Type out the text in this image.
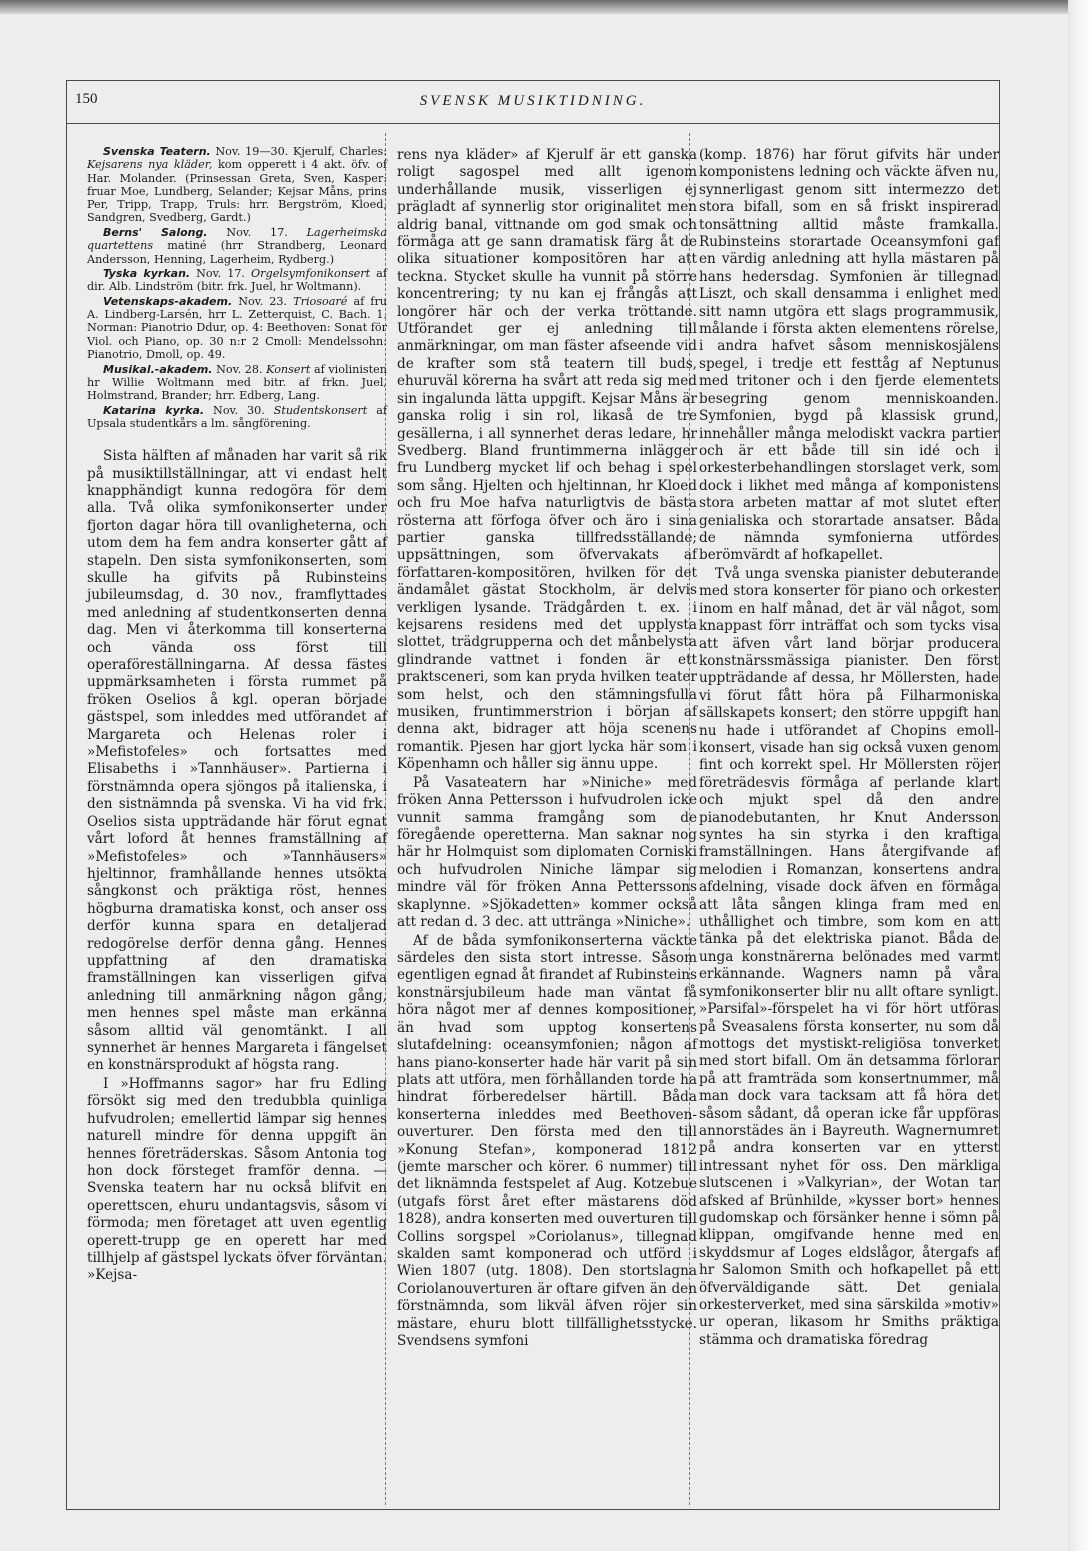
150	SVENSK MUSIKTIDNING.

Svenska Teatern. Nov. 19—30. Kjerulf, Charles: Kejsarens nya kläder, kom opperett i 4 akt. öfv. of Har. Molander. (Prinsessan Greta, Sven, Kasper: fruar Moe, Lundberg, Selander; Kejsar Måns, prins Per, Tripp, Trapp, Truls: hrr. Bergström, Kloed, Sandgren, Svedberg, Gardt.)

Berns' Salong. Nov. 17. Lagerheimska quartettens matiné (hrr Strandberg, Leonard Andersson, Henning, Lagerheim, Rydberg.)

Tyska kyrkan. Nov. 17. Orgelsymfonikonsert af dir. Alb. Lindström (bitr. frk. Juel, hr Woltmann).

Vetenskaps-akadem. Nov. 23. Triosoaré af fru A. Lindberg-Larsén, hrr L. Zetterquist, C. Bach. 1. Norman: Pianotrio Ddur, op. 4: Beethoven: Sonat för Viol. och Piano, op. 30 n:r 2 Cmoll: Mendelssohn: Pianotrio, Dmoll, op. 49.

Musikal.-akadem. Nov. 28. Konsert af violinisten hr Willie Woltmann med bitr. af frkn. Juel, Holmstrand, Brander; hrr. Edberg, Lang.

Katarina kyrka. Nov. 30. Studentskonsert af Upsala studentkårs a lm. sångförening.

Sista hälften af månaden har varit så rik på musiktillställningar, att vi endast helt knapphändigt kunna redogöra för dem alla. Två olika symfonikonserter under fjorton dagar höra till ovanligheterna, och utom dem ha fem andra konserter gått af stapeln. Den sista symfonikonserten, som skulle ha gifvits på Rubinsteins jubileumsdag, d. 30 nov., framflyttades med anledning af studentkonserten denna dag. Men vi återkomma till konserterna och vända oss först till operaföreställningarna. Af dessa fästes uppmärksamheten i första rummet på fröken Oselios å kgl. operan började gästspel, som inleddes med utförandet af Margareta och Helenas roler i »Mefistofeles» och fortsattes med Elisabeths i »Tannhäuser». Partierna i förstnämnda opera sjöngos på italienska, i den sistnämnda på svenska. Vi ha vid frk. Oselios sista uppträdande här förut egnat vårt loford åt hennes framställning af »Mefistofeles» och »Tannhäusers» hjeltinnor, framhållande hennes utsökta sångkonst och präktiga röst, hennes högburna dramatiska konst, och anser oss derför kunna spara en detaljerad redogörelse derför denna gång. Hennes uppfattning af den dramatiska framställningen kan visserligen gifva anledning till anmärkning någon gång, men hennes spel måste man erkänna såsom alltid väl genomtänkt. I all synnerhet är hennes Margareta i fängelset en konstnärsprodukt af högsta rang.

I »Hoffmanns sagor» har fru Edling försökt sig med den tredubbla quinliga hufvudrolen; emellertid lämpar sig hennes naturell mindre för denna uppgift än hennes företräderskas. Såsom Antonia tog hon dock försteget framför denna. — Svenska teatern har nu också blifvit en operettscen, ehuru undantagsvis, såsom vi förmoda; men företaget att uven egentlig operett-trupp ge en operett har med tillhjelp af gästspel lyckats öfver förväntan. »Kejsa-

rens nya kläder» af Kjerulf är ett ganska roligt sagospel med allt igenom underhållande musik, visserligen ej prägladt af synnerlig stor originalitet men aldrig banal, vittnande om god smak och förmåga att ge sann dramatisk färg åt de olika situationer kompositören har att teckna. Stycket skulle ha vunnit på större koncentrering; ty nu kan ej frångås att longörer här och der verka tröttande. Utförandet ger ej anledning till anmärkningar, om man fäster afseende vid de krafter som stå teatern till buds, ehuruväl körerna ha svårt att reda sig med sin ingalunda lätta uppgift. Kejsar Måns är ganska rolig i sin rol, likaså de tre gesällerna, i all synnerhet deras ledare, hr Svedberg. Bland fruntimmerna inlägger fru Lundberg mycket lif och behag i spel som sång. Hjelten och hjeltinnan, hr Kloed och fru Moe hafva naturligtvis de bästa rösterna att förfoga öfver och äro i sina partier ganska tillfredsställande; uppsättningen, som öfvervakats af författaren-kompositören, hvilken för det ändamålet gästat Stockholm, är delvis verkligen lysande. Trädgården t. ex. i kejsarens residens med det upplysta slottet, trädgrupperna och det månbelysta glindrande vattnet i fonden är ett praktsceneri, som kan pryda hvilken teater som helst, och den stämningsfulla musiken, fruntimmerstrion i början af denna akt, bidrager att höja scenens romantik. Pjesen har gjort lycka här som i Köpenhamn och håller sig ännu uppe.

På Vasateatern har »Niniche» med fröken Anna Pettersson i hufvudrolen icke vunnit samma framgång som de föregående operetterna. Man saknar nog här hr Holmquist som diplomaten Corniski och hufvudrolen Niniche lämpar sig mindre väl för fröken Anna Petterssons skaplynne. »Sjökadetten» kommer också att redan d. 3 dec. att uttränga »Niniche».

Af de båda symfonikonserterna väckte särdeles den sista stort intresse. Såsom egentligen egnad åt firandet af Rubinsteins konstnärsjubileum hade man väntat få höra något mer af dennes kompositioner, än hvad som upptog konsertens slutafdelning: oceansymfonien; någon af hans piano-konserter hade här varit på sin plats att utföra, men förhållanden torde ha hindrat förberedelser härtill. Båda konserterna inleddes med Beethoven-ouverturer. Den första med den till »Konung Stefan», komponerad 1812 (jemte marscher och körer. 6 nummer) till det liknämnda festspelet af Aug. Kotzebue (utgafs först året efter mästarens död 1828), andra konserten med ouverturen till Collins sorgspel »Coriolanus», tillegnad skalden samt komponerad och utförd i Wien 1807 (utg. 1808). Den stortslagna Coriolanouverturen är oftare gifven än den förstnämnda, som likväl äfven röjer sin mästare, ehuru blott tillfällighetsstycke. Svendsens symfoni

(komp. 1876) har förut gifvits här under komponistens ledning och väckte äfven nu, synnerligast genom sitt intermezzo det stora bifall, som en så friskt inspirerad tonsättning alltid måste framkalla. Rubinsteins storartade Oceansymfoni gaf en värdig anledning att hylla mästaren på hans hedersdag. Symfonien är tillegnad Liszt, och skall densamma i enlighet med sitt namn utgöra ett slags programmusik, målande i första akten elementens rörelse, i andra hafvet såsom menniskosjälens spegel, i tredje ett festtåg af Neptunus med tritoner och i den fjerde elementets besegring genom menniskoanden. Symfonien, bygd på klassisk grund, innehåller många melodiskt vackra partier och är ett både till sin idé och i orkesterbehandlingen storslaget verk, som dock i likhet med många af komponistens stora arbeten mattar af mot slutet efter genialiska och storartade ansatser. Båda de nämnda symfonierna utfördes berömvärdt af hofkapellet.

Två unga svenska pianister debuterande med stora konserter för piano och orkester inom en half månad, det är väl något, som knappast förr inträffat och som tycks visa att äfven vårt land börjar producera konstnärssmässiga pianister. Den först uppträdande af dessa, hr Möllersten, hade vi förut fått höra på Filharmoniska sällskapets konsert; den större uppgift han nu hade i utförandet af Chopins emoll-konsert, visade han sig också vuxen genom fint och korrekt spel. Hr Möllersten röjer företrädesvis förmåga af perlande klart och mjukt spel då den andre pianodebutanten, hr Knut Andersson syntes ha sin styrka i den kraftiga framställningen. Hans återgifvande af melodien i Romanzan, konsertens andra afdelning, visade dock äfven en förmåga att låta sången klinga fram med en uthållighet och timbre, som kom en att tänka på det elektriska pianot. Båda de unga konstnärerna belönades med varmt erkännande. Wagners namn på våra symfonikonserter blir nu allt oftare synligt. »Parsifal»-förspelet ha vi för hört utföras på Sveasalens första konserter, nu som då mottogs det mystiskt-religiösa tonverket med stort bifall. Om än detsamma förlorar på att framträda som konsertnummer, må man dock vara tacksam att få höra det såsom sådant, då operan icke får uppföras annorstädes än i Bayreuth. Wagnernumret på andra konserten var en ytterst intressant nyhet för oss. Den märkliga slutscenen i »Valkyrian», der Wotan tar afsked af Brünhilde, »kysser bort» hennes gudomskap och försänker henne i sömn på klippan, omgifvande henne med en skyddsmur af Loges eldslågor, återgafs af hr Salomon Smith och hofkapellet på ett öfverväldigande sätt. Det geniala orkesterverket, med sina särskilda »motiv» ur operan, likasom hr Smiths präktiga stämma och dramatiska föredrag
